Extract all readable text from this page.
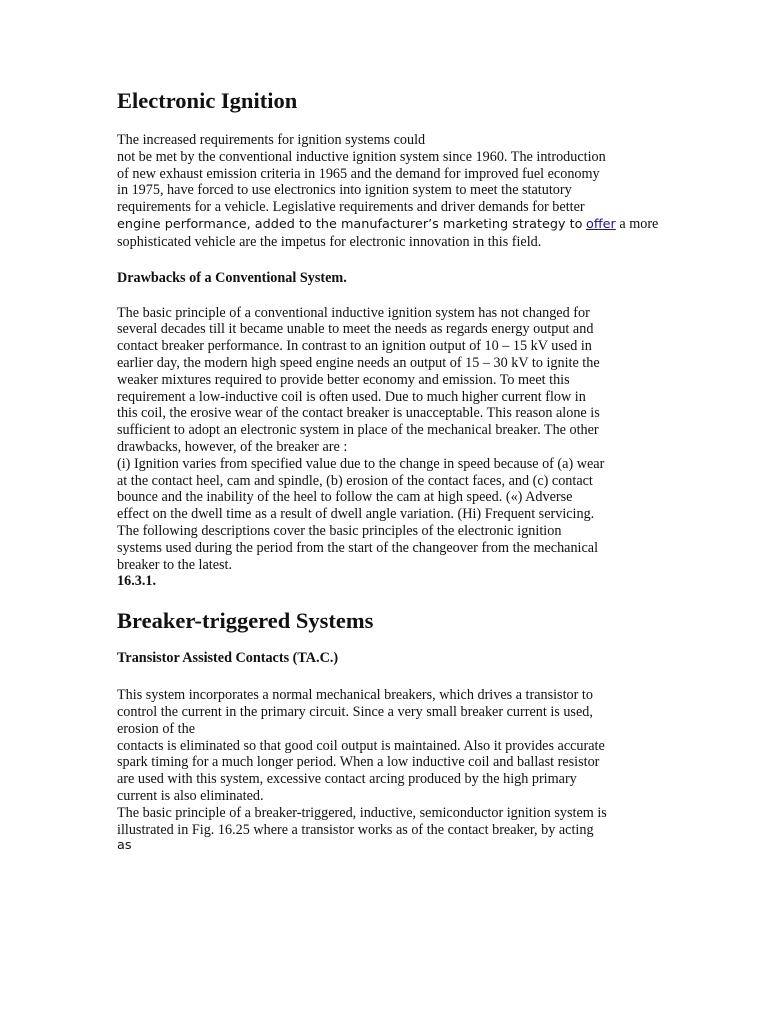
Electronic Ignition
The increased requirements for ignition systems could
not be met by the conventional inductive ignition system since 1960. The introduction
of new exhaust emission criteria in 1965 and the demand for improved fuel economy
in 1975, have forced to use electronics into ignition system to meet the statutory
requirements for a vehicle. Legislative requirements and driver demands for better
engine performance, added to the manufacturer’s marketing strategy to offer a more
sophisticated vehicle are the impetus for electronic innovation in this field.
Drawbacks of a Conventional System.
The basic principle of a conventional inductive ignition system has not changed for
several decades till it became unable to meet the needs as regards energy output and
contact breaker performance. In contrast to an ignition output of 10 – 15 kV used in
earlier day, the modern high speed engine needs an output of 15 – 30 kV to ignite the
weaker mixtures required to provide better economy and emission. To meet this
requirement a low-inductive coil is often used. Due to much higher current flow in
this coil, the erosive wear of the contact breaker is unacceptable. This reason alone is
sufficient to adopt an electronic system in place of the mechanical breaker. The other
drawbacks, however, of the breaker are :
(i) Ignition varies from specified value due to the change in speed because of (a) wear
at the contact heel, cam and spindle, (b) erosion of the contact faces, and (c) contact
bounce and the inability of the heel to follow the cam at high speed. («) Adverse
effect on the dwell time as a result of dwell angle variation. (Hi) Frequent servicing.
The following descriptions cover the basic principles of the electronic ignition
systems used during the period from the start of the changeover from the mechanical
breaker to the latest.
16.3.1.
Breaker-triggered Systems
Transistor Assisted Contacts (TA.C.)
This system incorporates a normal mechanical breakers, which drives a transistor to
control the current in the primary circuit. Since a very small breaker current is used,
erosion of the
contacts is eliminated so that good coil output is maintained. Also it provides accurate
spark timing for a much longer period. When a low inductive coil and ballast resistor
are used with this system, excessive contact arcing produced by the high primary
current is also eliminated.
The basic principle of a breaker-triggered, inductive, semiconductor ignition system is
illustrated in Fig. 16.25 where a transistor works as of the contact breaker, by acting
as
